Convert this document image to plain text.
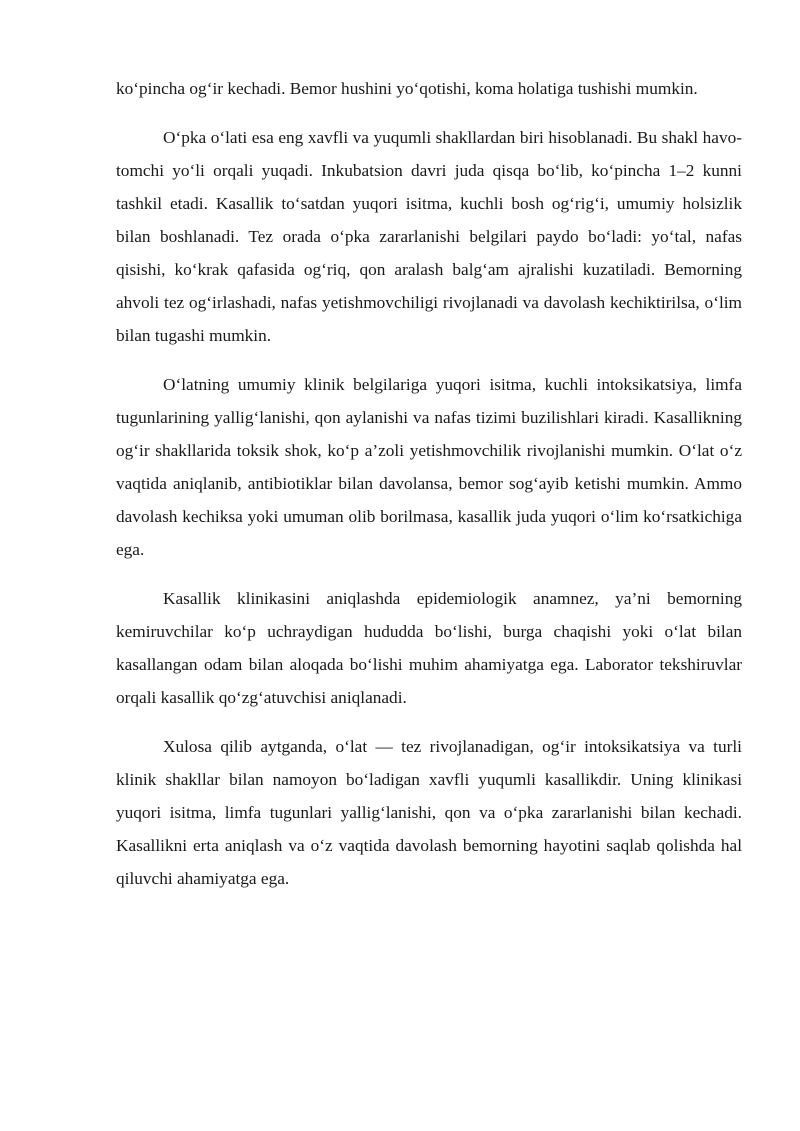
ko‘pincha og‘ir kechadi. Bemor hushini yo‘qotishi, koma holatiga tushishi mumkin.

O‘pka o‘lati esa eng xavfli va yuqumli shakllardan biri hisoblanadi. Bu shakl havo-tomchi yo‘li orqali yuqadi. Inkubatsion davri juda qisqa bo‘lib, ko‘pincha 1–2 kunni tashkil etadi. Kasallik to‘satdan yuqori isitma, kuchli bosh og‘rig‘i, umumiy holsizlik bilan boshlanadi. Tez orada o‘pka zararlanishi belgilari paydo bo‘ladi: yo‘tal, nafas qisishi, ko‘krak qafasida og‘riq, qon aralash balg‘am ajralishi kuzatiladi. Bemorning ahvoli tez og‘irlashadi, nafas yetishmovchiligi rivojlanadi va davolash kechiktirilsa, o‘lim bilan tugashi mumkin.

O‘latning umumiy klinik belgilariga yuqori isitma, kuchli intoksikatsiya, limfa tugunlarining yallig‘lanishi, qon aylanishi va nafas tizimi buzilishlari kiradi. Kasallikning og‘ir shakllarida toksik shok, ko‘p a’zoli yetishmovchilik rivojlanishi mumkin. O‘lat o‘z vaqtida aniqlanib, antibiotiklar bilan davolansa, bemor sog‘ayib ketishi mumkin. Ammo davolash kechiksa yoki umuman olib borilmasa, kasallik juda yuqori o‘lim ko‘rsatkichiga ega.

Kasallik klinikasini aniqlashda epidemiologik anamnez, ya’ni bemorning kemiruvchilar ko‘p uchraydigan hududda bo‘lishi, burga chaqishi yoki o‘lat bilan kasallangan odam bilan aloqada bo‘lishi muhim ahamiyatga ega. Laborator tekshiruvlar orqali kasallik qo‘zg‘atuvchisi aniqlanadi.

Xulosa qilib aytganda, o‘lat — tez rivojlanadigan, og‘ir intoksikatsiya va turli klinik shakllar bilan namoyon bo‘ladigan xavfli yuqumli kasallikdir. Uning klinikasi yuqori isitma, limfa tugunlari yallig‘lanishi, qon va o‘pka zararlanishi bilan kechadi. Kasallikni erta aniqlash va o‘z vaqtida davolash bemorning hayotini saqlab qolishda hal qiluvchi ahamiyatga ega.
